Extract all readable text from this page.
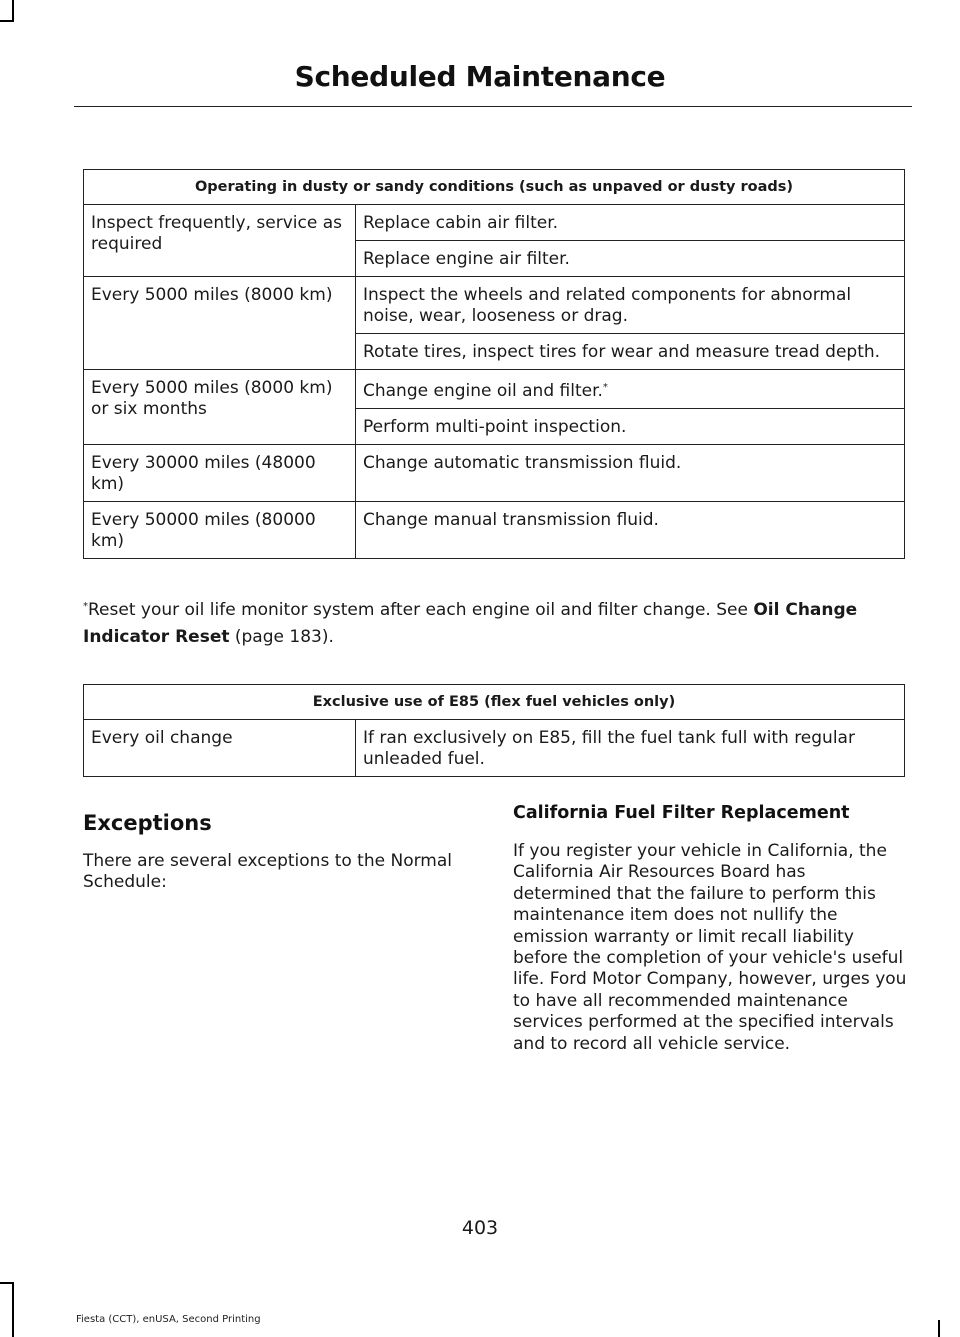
Scheduled Maintenance
Operating in dusty or sandy conditions (such as unpaved or dusty roads)	
Inspect frequently, service as required	Replace cabin air filter.
	Replace engine air filter.
Every 5000 miles (8000 km)	Inspect the wheels and related components for abnormal noise, wear, looseness or drag.
	Rotate tires, inspect tires for wear and measure tread depth.
Every 5000 miles (8000 km) or six months	Change engine oil and filter.*
	Perform multi-point inspection.
Every 30000 miles (48000 km)	Change automatic transmission fluid.
Every 50000 miles (80000 km)	Change manual transmission fluid.
*Reset your oil life monitor system after each engine oil and filter change. See Oil Change Indicator Reset (page 183).
Exclusive use of E85 (flex fuel vehicles only)
Every oil change	If ran exclusively on E85, fill the fuel tank full with regular unleaded fuel.
Exceptions
There are several exceptions to the Normal Schedule:
California Fuel Filter Replacement
If you register your vehicle in California, the California Air Resources Board has determined that the failure to perform this maintenance item does not nullify the emission warranty or limit recall liability before the completion of your vehicle's useful life. Ford Motor Company, however, urges you to have all recommended maintenance services performed at the specified intervals and to record all vehicle service.
403
Fiesta (CCT), enUSA, Second Printing
